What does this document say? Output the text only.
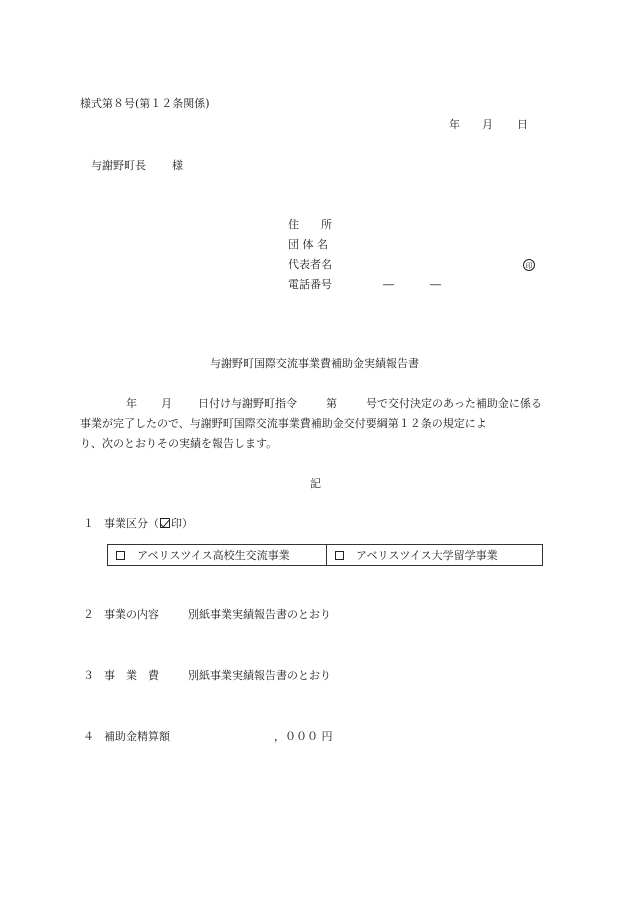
様式第８号(第１２条関係)
年 月 日
与謝野町長 様
住　　所
団 体 名
代表者名	印
電話番号	―	―
与謝野町国際交流事業費補助金実績報告書
年 月 日付け与謝野町指令	第	号で交付決定のあった補助金に係る
事業が完了したので、与謝野町国際交流事業費補助金交付要綱第１２条の規定によ
り、次のとおりその実績を報告します。
記
１ 事業区分（ 印）
アベリスツイス高校生交流事業	アベリスツイス大学留学事業
２ 事業の内容	別紙事業実績報告書のとおり
３ 事　業　費	別紙事業実績報告書のとおり
４ 補助金精算額	，０００ 円
